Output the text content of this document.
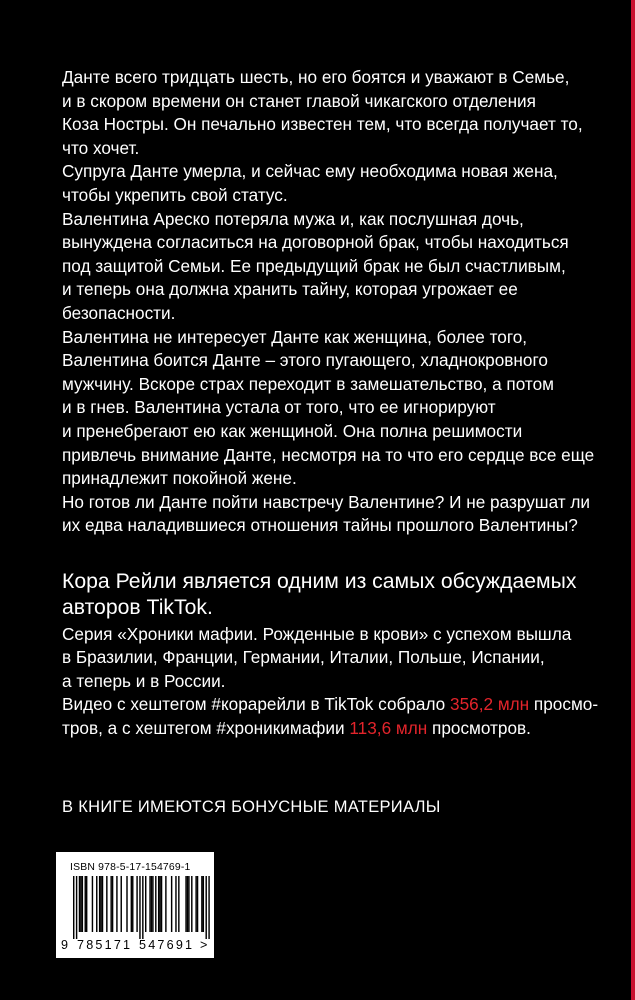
Данте всего тридцать шесть, но его боятся и уважают в Семье,
и в скором времени он станет главой чикагского отделения
Коза Ностры. Он печально известен тем, что всегда получает то,
что хочет.
Супруга Данте умерла, и сейчас ему необходима новая жена,
чтобы укрепить свой статус.
Валентина Ареско потеряла мужа и, как послушная дочь,
вынуждена согласиться на договорной брак, чтобы находиться
под защитой Семьи. Ее предыдущий брак не был счастливым,
и теперь она должна хранить тайну, которая угрожает ее
безопасности.
Валентина не интересует Данте как женщина, более того,
Валентина боится Данте – этого пугающего, хладнокровного
мужчину. Вскоре страх переходит в замешательство, а потом
и в гнев. Валентина устала от того, что ее игнорируют
и пренебрегают ею как женщиной. Она полна решимости
привлечь внимание Данте, несмотря на то что его сердце все еще
принадлежит покойной жене.
Но готов ли Данте пойти навстречу Валентине? И не разрушат ли
их едва наладившиеся отношения тайны прошлого Валентины?
Кора Рейли является одним из самых обсуждаемых
авторов TikTok.
Серия «Хроники мафии. Рожденные в крови» с успехом вышла
в Бразилии, Франции, Германии, Италии, Польше, Испании,
а теперь и в России.
Видео с хештегом #корарейли в TikTok собрало 356,2 млн просмо-
тров, а с хештегом #хроникимафии 113,6 млн просмотров.
В КНИГЕ ИМЕЮТСЯ БОНУСНЫЕ МАТЕРИАЛЫ
ISBN 978-5-17-154769-1
9 785171 547691 >
